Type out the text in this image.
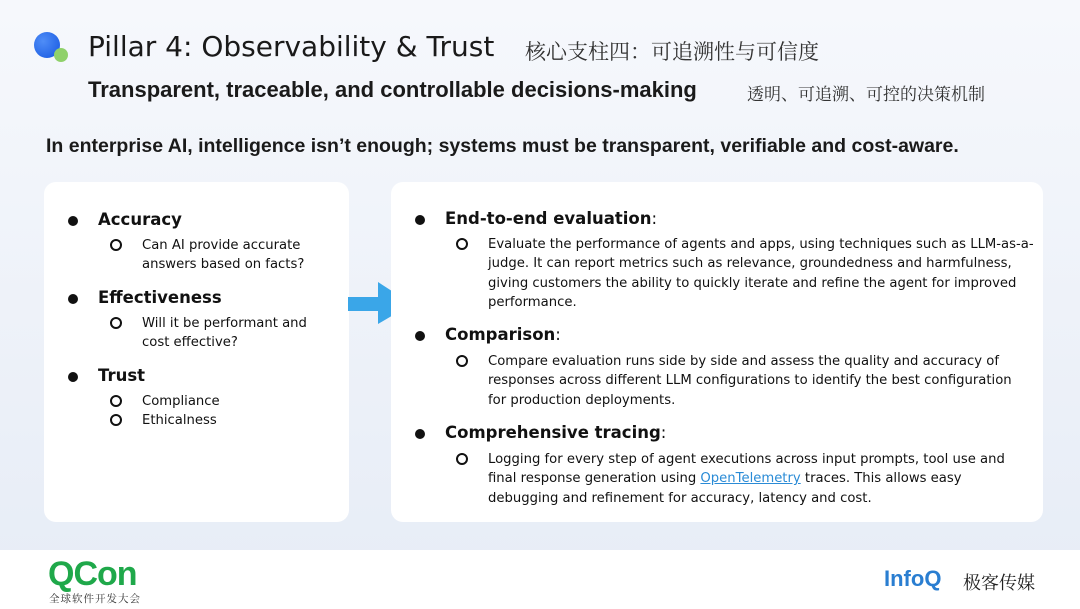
Pillar 4: Observability & Trust 核心支柱四：可追溯性与可信度
Transparent, traceable, and controllable decisions-making	透明、可追溯、可控的决策机制
In enterprise AI, intelligence isn’t enough; systems must be transparent, verifiable and cost-aware.
Accuracy
Can AI provide accurate
answers based on facts?
Effectiveness
Will it be performant and
cost effective?
Trust
Compliance
Ethicalness
End-to-end evaluation:
Evaluate the performance of agents and apps, using techniques such as LLM-as-a-
judge. It can report metrics such as relevance, groundedness and harmfulness,
giving customers the ability to quickly iterate and refine the agent for improved
performance.
Comparison:
Compare evaluation runs side by side and assess the quality and accuracy of
responses across different LLM configurations to identify the best configuration
for production deployments.
Comprehensive tracing:
Logging for every step of agent executions across input prompts, tool use and
final response generation using OpenTelemetry traces. This allows easy
debugging and refinement for accuracy, latency and cost.
QCon
全球软件开发大会
InfoQ 极客传媒
